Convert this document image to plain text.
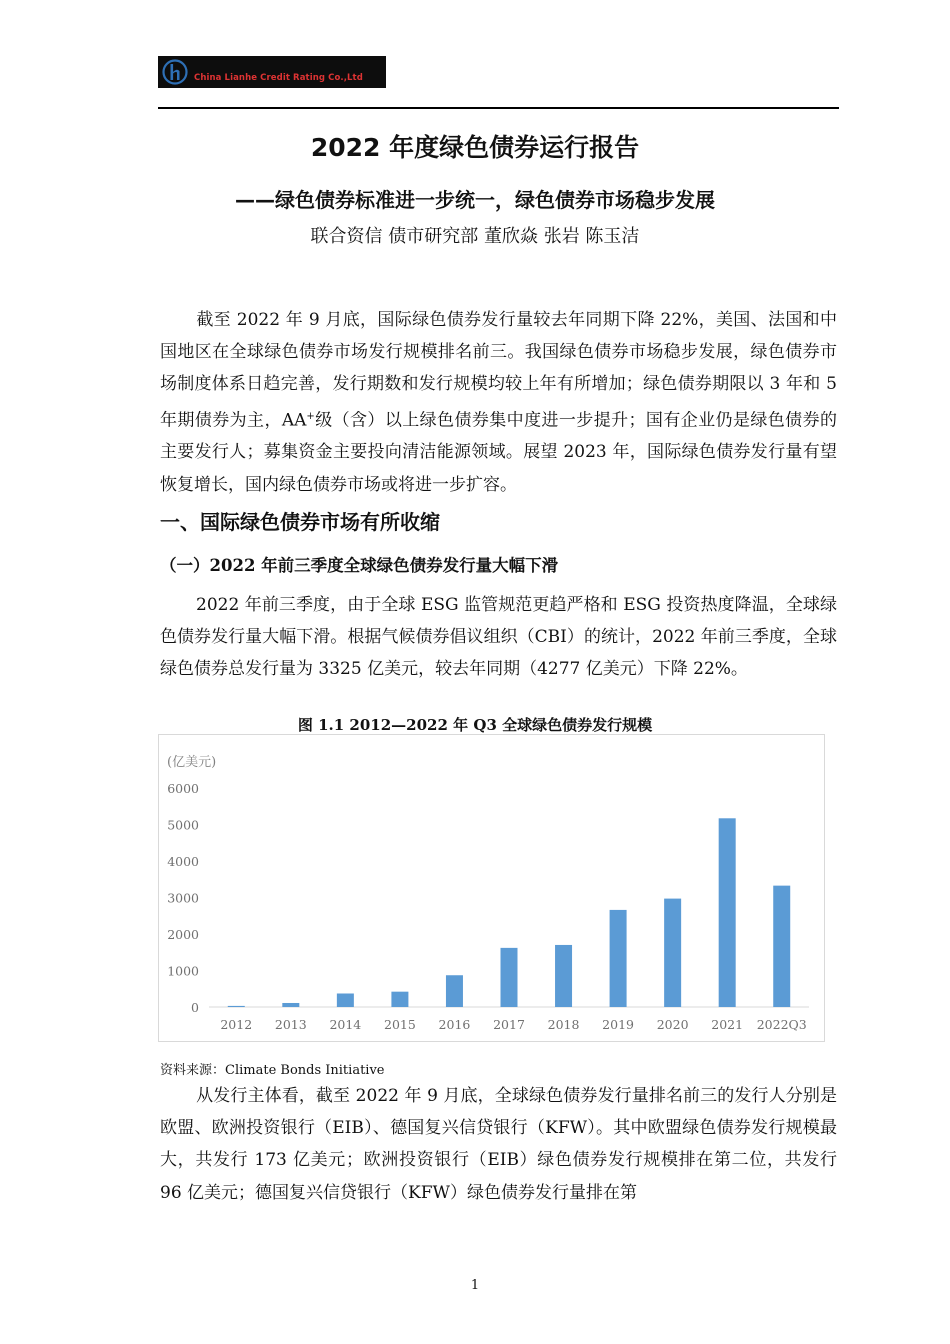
China Lianhe Credit Rating Co.,Ltd
2022 年度绿色债券运行报告
——绿色债券标准进一步统一，绿色债券市场稳步发展
联合资信 债市研究部 董欣焱 张岩 陈玉洁

截至 2022 年 9 月底，国际绿色债券发行量较去年同期下降 22%，美国、法国和中国地区在全球绿色债券市场发行规模排名前三。我国绿色债券市场稳步发展，绿色债券市场制度体系日趋完善，发行期数和发行规模均较上年有所增加；绿色债券期限以 3 年和 5 年期债券为主，AA+级（含）以上绿色债券集中度进一步提升；国有企业仍是绿色债券的主要发行人；募集资金主要投向清洁能源领域。展望 2023 年，国际绿色债券发行量有望恢复增长，国内绿色债券市场或将进一步扩容。

一、国际绿色债券市场有所收缩
（一）2022 年前三季度全球绿色债券发行量大幅下滑

2022 年前三季度，由于全球 ESG 监管规范更趋严格和 ESG 投资热度降温，全球绿色债券发行量大幅下滑。根据气候债券倡议组织（CBI）的统计，2022 年前三季度，全球绿色债券总发行量为 3325 亿美元，较去年同期（4277 亿美元）下降 22%。

图 1.1 2012—2022 年 Q3 全球绿色债券发行规模
(亿美元)
0
1000
2000
3000
4000
5000
6000
2012 2013 2014 2015 2016 2017 2018 2019 2020 2021 2022Q3
资料来源：Climate Bonds Initiative

从发行主体看，截至 2022 年 9 月底，全球绿色债券发行量排名前三的发行人分别是欧盟、欧洲投资银行（EIB）、德国复兴信贷银行（KFW）。其中欧盟绿色债券发行规模最大，共发行 173 亿美元；欧洲投资银行（EIB）绿色债券发行规模排在第二位，共发行 96 亿美元；德国复兴信贷银行（KFW）绿色债券发行量排在第

1
